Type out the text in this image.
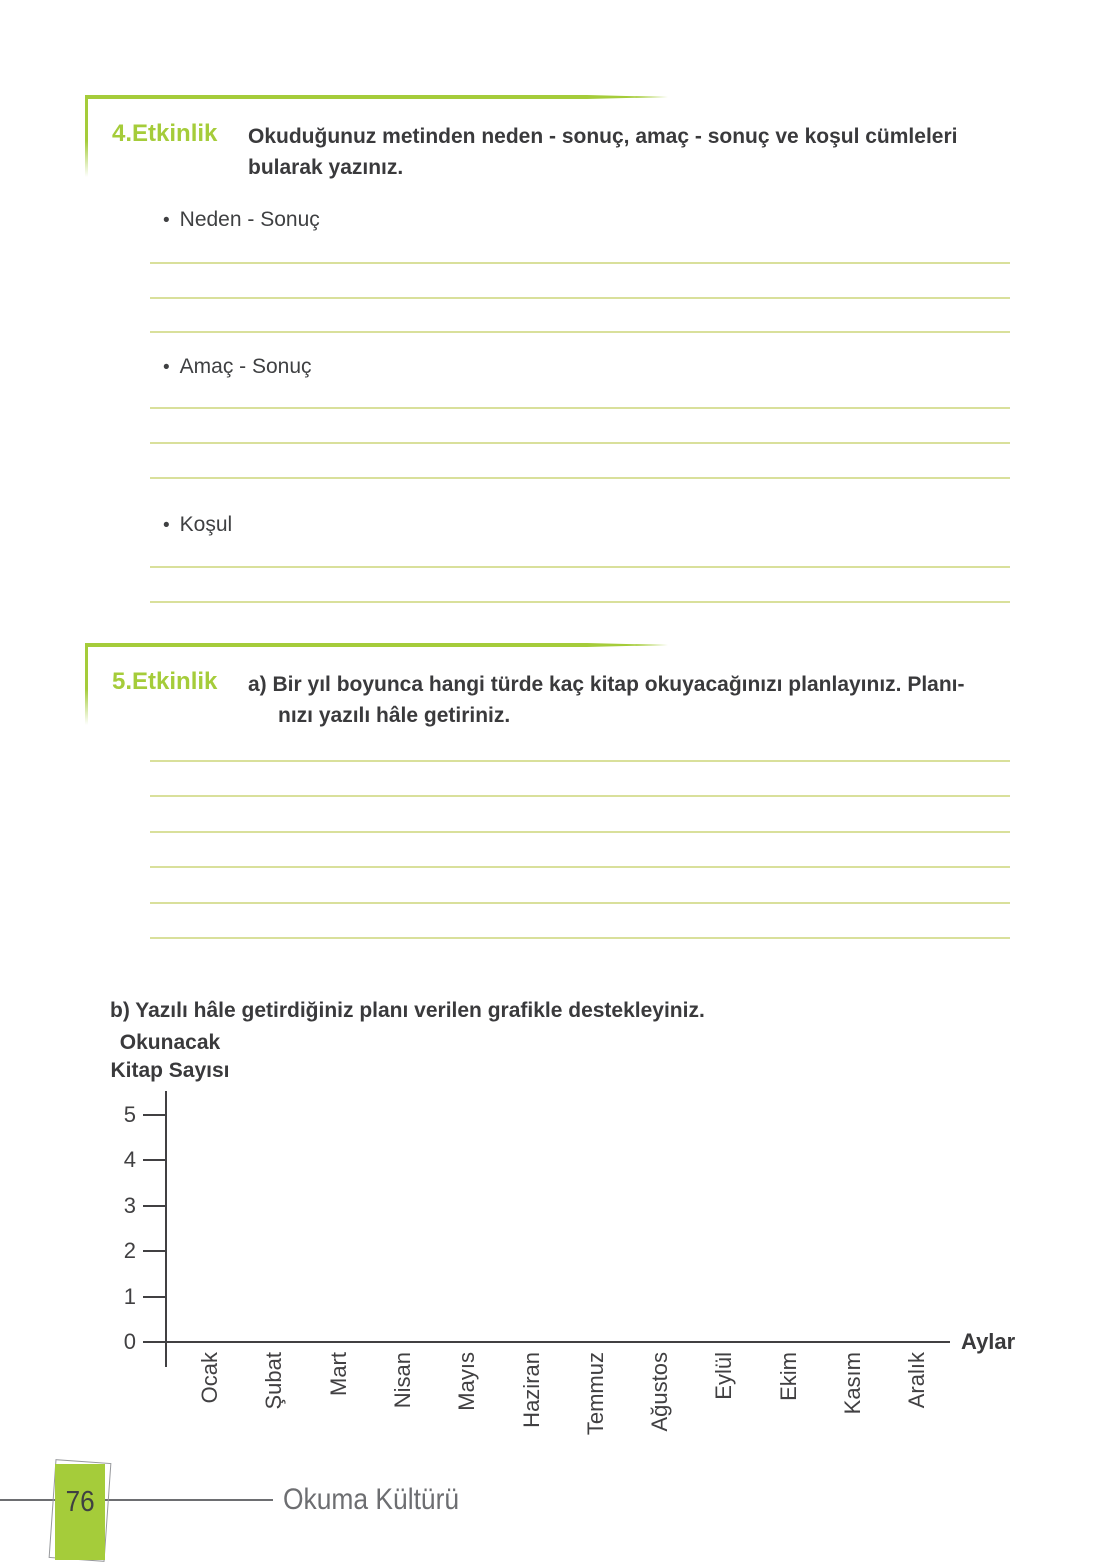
4.Etkinlik Okuduğunuz metinden neden - sonuç, amaç - sonuç ve koşul cümleleri
bularak yazınız.
• Neden - Sonuç
• Amaç - Sonuç
• Koşul
5.Etkinlik a) Bir yıl boyunca hangi türde kaç kitap okuyacağınızı planlayınız. Planı-
nızı yazılı hâle getiriniz.
b) Yazılı hâle getirdiğiniz planı verilen grafikle destekleyiniz.
Okunacak
Kitap Sayısı
0
1
2
3
4
5
Ocak Şubat Mart Nisan Mayıs Haziran Temmuz Ağustos Eylül Ekim Kasım Aralık
Aylar
76	Okuma Kültürü
